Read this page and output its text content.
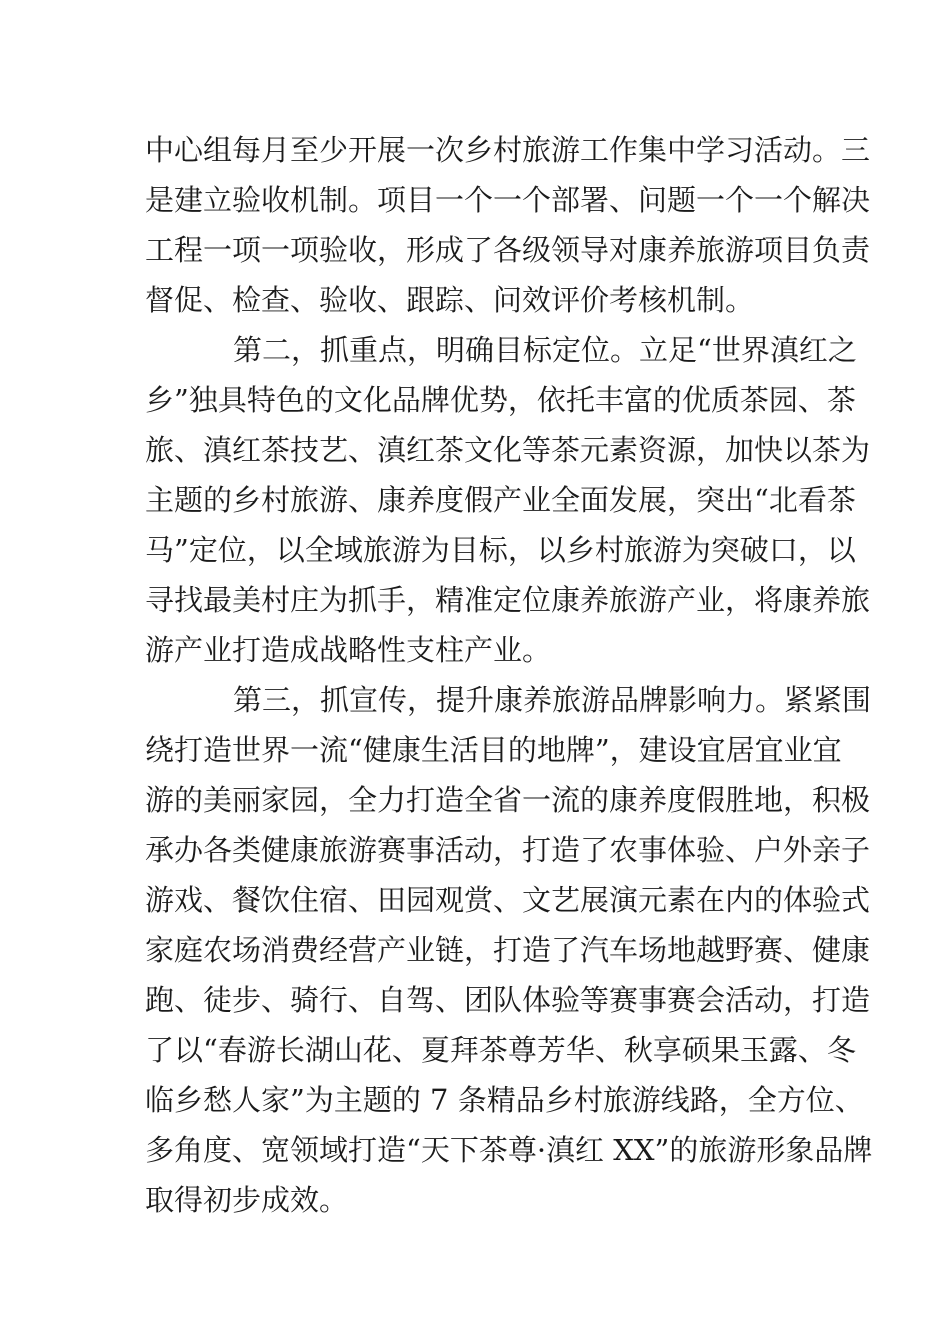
中心组每月至少开展一次乡村旅游工作集中学习活动。三
是建立验收机制。项目一个一个部署、问题一个一个解决
工程一项一项验收，形成了各级领导对康养旅游项目负责
督促、检查、验收、跟踪、问效评价考核机制。
第二，抓重点，明确目标定位。立足“世界滇红之
乡”独具特色的文化品牌优势，依托丰富的优质茶园、茶
旅、滇红茶技艺、滇红茶文化等茶元素资源，加快以茶为
主题的乡村旅游、康养度假产业全面发展，突出“北看茶
马”定位，以全域旅游为目标，以乡村旅游为突破口，以
寻找最美村庄为抓手，精准定位康养旅游产业，将康养旅
游产业打造成战略性支柱产业。
第三，抓宣传，提升康养旅游品牌影响力。紧紧围
绕打造世界一流“健康生活目的地牌”，建设宜居宜业宜
游的美丽家园，全力打造全省一流的康养度假胜地，积极
承办各类健康旅游赛事活动，打造了农事体验、户外亲子
游戏、餐饮住宿、田园观赏、文艺展演元素在内的体验式
家庭农场消费经营产业链，打造了汽车场地越野赛、健康
跑、徒步、骑行、自驾、团队体验等赛事赛会活动，打造
了以“春游长湖山花、夏拜茶尊芳华、秋享硕果玉露、冬
临乡愁人家”为主题的 7 条精品乡村旅游线路，全方位、
多角度、宽领域打造“天下茶尊·滇红 XX”的旅游形象品牌
取得初步成效。
